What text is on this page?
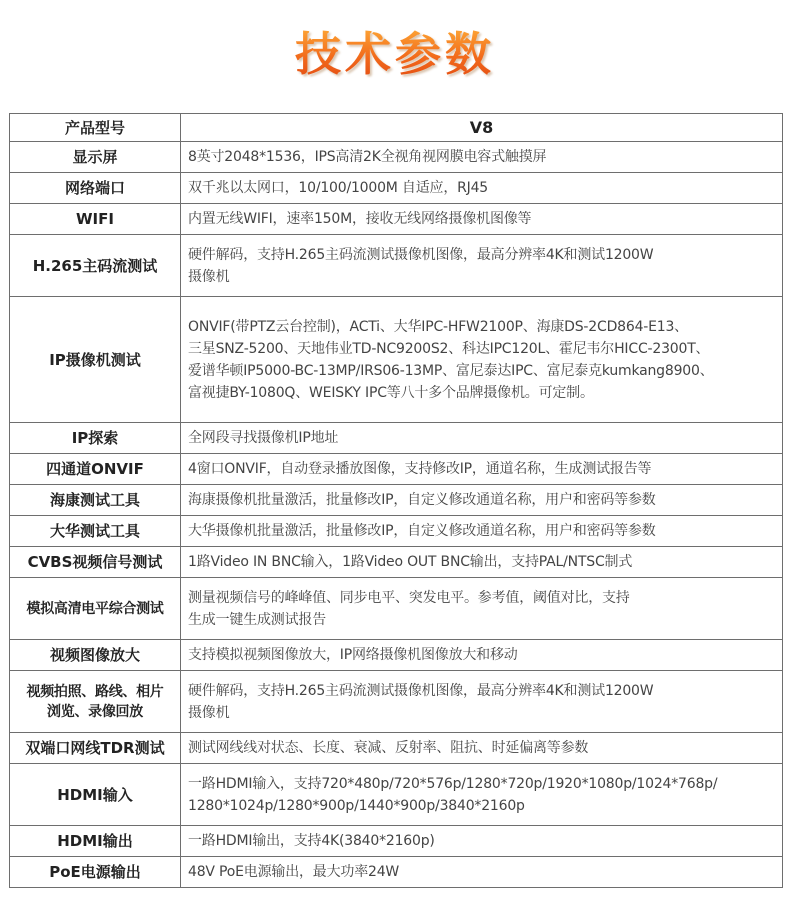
技术参数
产品型号	V8
显示屏	8英寸2048*1536，IPS高清2K全视角视网膜电容式触摸屏
网络端口	双千兆以太网口，10/100/1000M 自适应，RJ45
WIFI	内置无线WIFI，速率150M，接收无线网络摄像机图像等
H.265主码流测试	硬件解码，支持H.265主码流测试摄像机图像，最高分辨率4K和测试1200W
摄像机
IP摄像机测试	ONVIF(带PTZ云台控制)，ACTi、大华IPC-HFW2100P、海康DS-2CD864-E13、
三星SNZ-5200、天地伟业TD-NC9200S2、科达IPC120L、霍尼韦尔HICC-2300T、
爱谱华顿IP5000-BC-13MP/IRS06-13MP、富尼泰达IPC、富尼泰克kumkang8900、
富视捷BY-1080Q、WEISKY IPC等八十多个品牌摄像机。可定制。
IP探索	全网段寻找摄像机IP地址
四通道ONVIF	4窗口ONVIF，自动登录播放图像，支持修改IP，通道名称，生成测试报告等
海康测试工具	海康摄像机批量激活，批量修改IP，自定义修改通道名称，用户和密码等参数
大华测试工具	大华摄像机批量激活，批量修改IP，自定义修改通道名称，用户和密码等参数
CVBS视频信号测试	1路Video IN BNC输入，1路Video OUT BNC输出，支持PAL/NTSC制式
模拟高清电平综合测试	测量视频信号的峰峰值、同步电平、突发电平。参考值，阈值对比，支持
生成一键生成测试报告
视频图像放大	支持模拟视频图像放大，IP网络摄像机图像放大和移动
视频拍照、路线、相片
浏览、录像回放	硬件解码，支持H.265主码流测试摄像机图像，最高分辨率4K和测试1200W
摄像机
双端口网线TDR测试	测试网线线对状态、长度、衰减、反射率、阻抗、时延偏离等参数
HDMI输入	一路HDMI输入，支持720*480p/720*576p/1280*720p/1920*1080p/1024*768p/
1280*1024p/1280*900p/1440*900p/3840*2160p
HDMI输出	一路HDMI输出，支持4K(3840*2160p)
PoE电源输出	48V PoE电源输出，最大功率24W
